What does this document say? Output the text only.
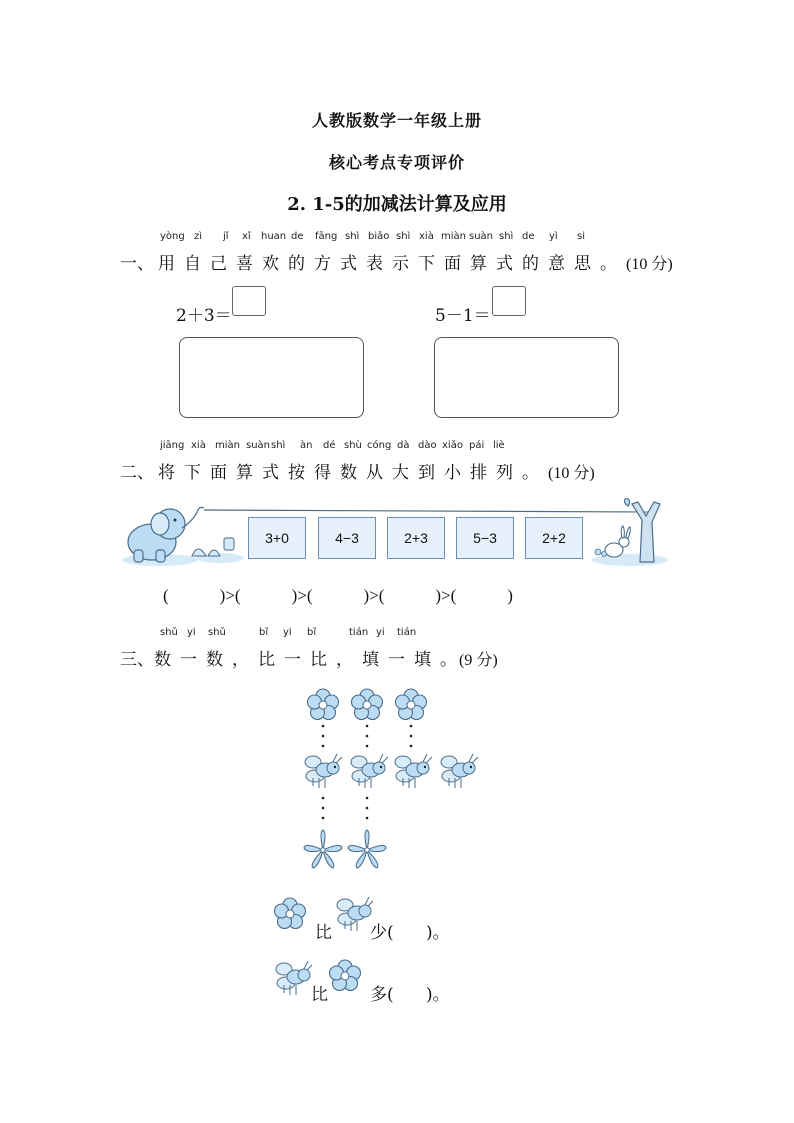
人教版数学一年级上册
核心考点专项评价
2. 1-5的加减法计算及应用
yòng zì jǐ xǐ huan de fāng shì biǎo shì xià miàn suàn shì de yì si
一、 用 自 己 喜 欢 的 方 式 表 示 下 面 算 式 的 意 思 。 (10 分)
2＋3＝	5－1＝
jiāng xià miàn suàn shì àn dé shù cóng dà dào xiǎo pái liè
二、 将 下 面 算 式 按 得 数 从 大 到 小 排 列 。 (10 分)
3+0	4−3	2+3	5−3	2+2
(            )>(            )>(            )>(            )>(            )
shǔ yi shǔ	bǐ yi bǐ	tián yi tián
三、数 一 数 ， 比 一 比 ， 填 一 填 。 (9 分)
比 少(      )。
比 多(      )。
